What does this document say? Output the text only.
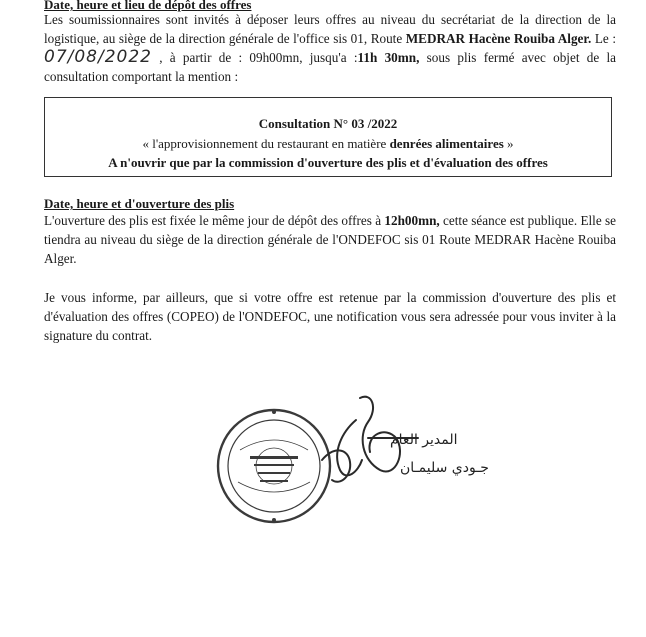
Date, heure et lieu de dépôt des offres
Les soumissionnaires sont invités à déposer leurs offres au niveau du secrétariat de la direction de la logistique, au siège de la direction générale de l'office sis 01, Route MEDRAR Hacène Rouiba Alger. Le : 07/08/2022 , à partir de : 09h00mn, jusqu'a :11h 30mn, sous plis fermé avec objet de la consultation comportant la mention :
Consultation N° 03 /2022
« l'approvisionnement du restaurant en matière denrées alimentaires »
A n'ouvrir que par la commission d'ouverture des plis et d'évaluation des offres
Date, heure et d'ouverture des plis
L'ouverture des plis est fixée le même jour de dépôt des offres à 12h00mn, cette séance est publique. Elle se tiendra au niveau du siège de la direction générale de l'ONDEFOC sis 01 Route MEDRAR Hacène Rouiba Alger.
Je vous informe, par ailleurs, que si votre offre est retenue par la commission d'ouverture des plis et d'évaluation des offres (COPEO) de l'ONDEFOC, une notification vous sera adressée pour vous inviter à la signature du contrat.
المدير العام
جـودي سليمـان
